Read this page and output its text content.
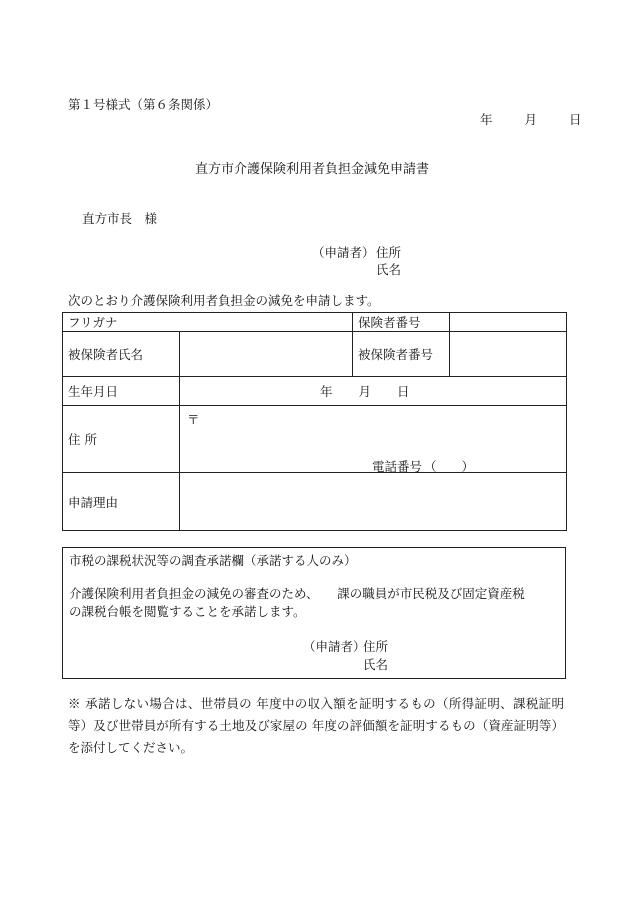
第１号様式（第６条関係）
年	月	日
直方市介護保険利用者負担金減免申請書
直方市長　様
（申請者） 住所
氏名
次のとおり介護保険利用者負担金の減免を申請します。
フリガナ		保険者番号	
被保険者氏名		被保険者番号	
生年月日	年 月 日		

住 所	〒
電話番号 （　　）		

申請理由			
市税の課税状況等の調査承諾欄（承諾する人のみ）
介護保険利用者負担金の減免の審査のため、　　課の職員が市民税及び固定資産税
の課税台帳を閲覧することを承諾します。
（申請者）
住所
氏名
※ 承諾しない場合は、世帯員の 年度中の収入額を証明するもの（所得証明、課税証明等）及び世帯員が所有する土地及び家屋の 年度の評価額を証明するもの（資産証明等）を添付してください。
